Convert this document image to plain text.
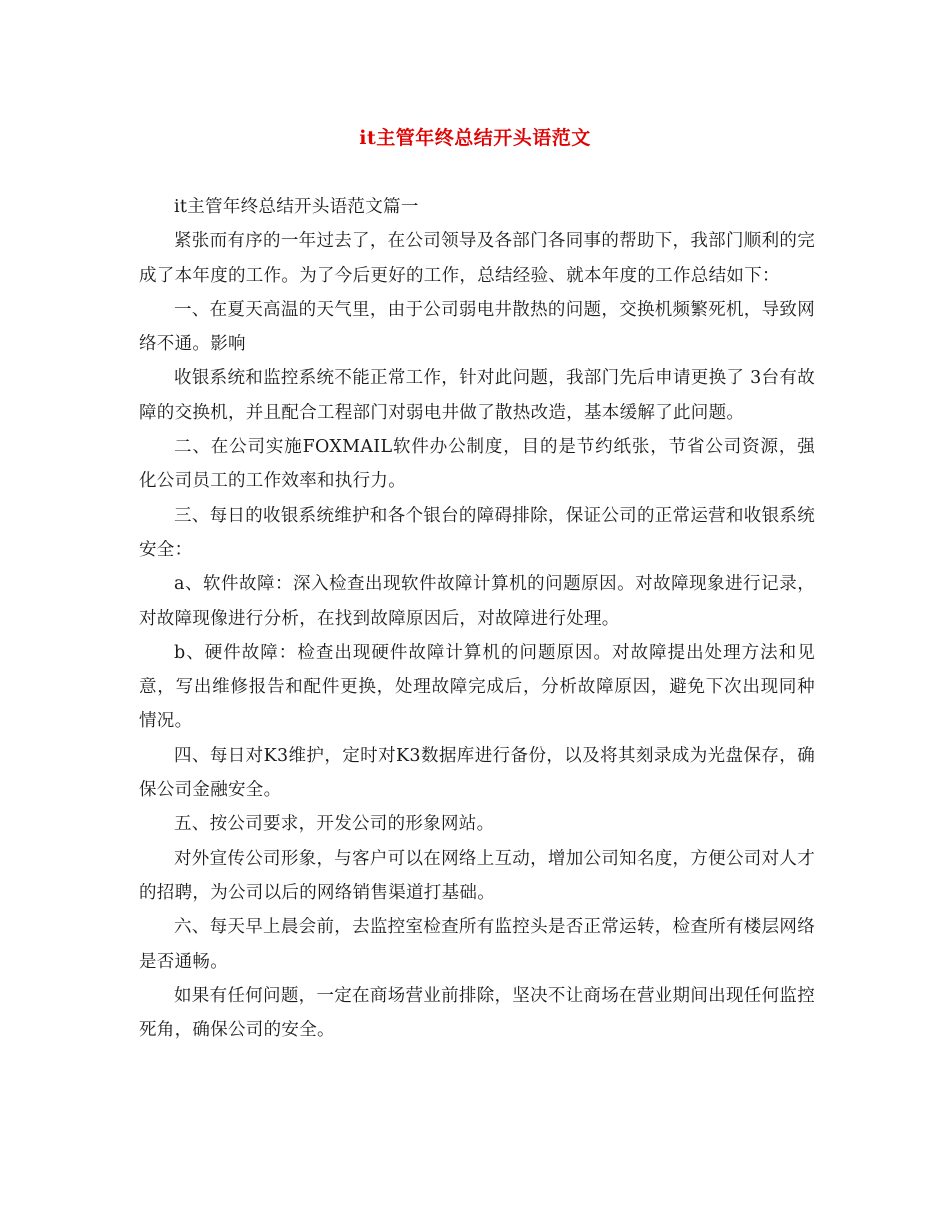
it主管年终总结开头语范文

it主管年终总结开头语范文篇一

紧张而有序的一年过去了，在公司领导及各部门各同事的帮助下，我部门顺利的完成了本年度的工作。为了今后更好的工作，总结经验、就本年度的工作总结如下：

一、在夏天高温的天气里，由于公司弱电井散热的问题，交换机频繁死机，导致网络不通。影响

收银系统和监控系统不能正常工作，针对此问题，我部门先后申请更换了 3台有故障的交换机，并且配合工程部门对弱电井做了散热改造，基本缓解了此问题。

二、在公司实施FOXMAIL软件办公制度，目的是节约纸张，节省公司资源，强化公司员工的工作效率和执行力。

三、每日的收银系统维护和各个银台的障碍排除，保证公司的正常运营和收银系统安全：

a、软件故障：深入检查出现软件故障计算机的问题原因。对故障现象进行记录，对故障现像进行分析，在找到故障原因后，对故障进行处理。

b、硬件故障：检查出现硬件故障计算机的问题原因。对故障提出处理方法和见意，写出维修报告和配件更换，处理故障完成后，分析故障原因，避免下次出现同种情况。

四、每日对K3维护，定时对K3数据库进行备份，以及将其刻录成为光盘保存，确保公司金融安全。

五、按公司要求，开发公司的形象网站。

对外宣传公司形象，与客户可以在网络上互动，增加公司知名度，方便公司对人才的招聘，为公司以后的网络销售渠道打基础。

六、每天早上晨会前，去监控室检查所有监控头是否正常运转，检查所有楼层网络是否通畅。

如果有任何问题，一定在商场营业前排除，坚决不让商场在营业期间出现任何监控死角，确保公司的安全。
